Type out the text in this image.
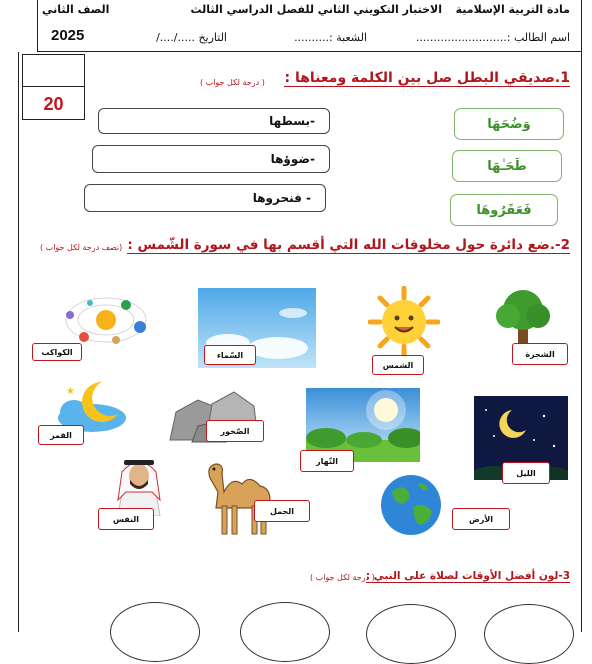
مادة التربية الإسلامية
الاختبار التكويني الثاني للفصل الدراسي الثالث
الصف الثاني
اسم الطالب :..........................
الشعبة :..........
التاريخ ...../..../
2025
20
1.صديقي البطل صل بين الكلمة ومعناها :
( درجة لكل جواب )
-بسطها
-ضوؤها
- فنحروها
وَضُحَهَا
طَحَـٰهَا
فَعَقَرُوهَا
2-.ضع دائرة حول مخلوقات الله التي أقسم بها في سورة الشّمس :
(نصف درجة لكل جواب )
الكواكب	السّماء
الشمس
الشجرة
★
القمر	الصّخور
النّهار
الليل
النفس
الجمل
الأرض
3-لون أفضل الأوقات لصلاة على النبي :
( درجة لكل جواب )
